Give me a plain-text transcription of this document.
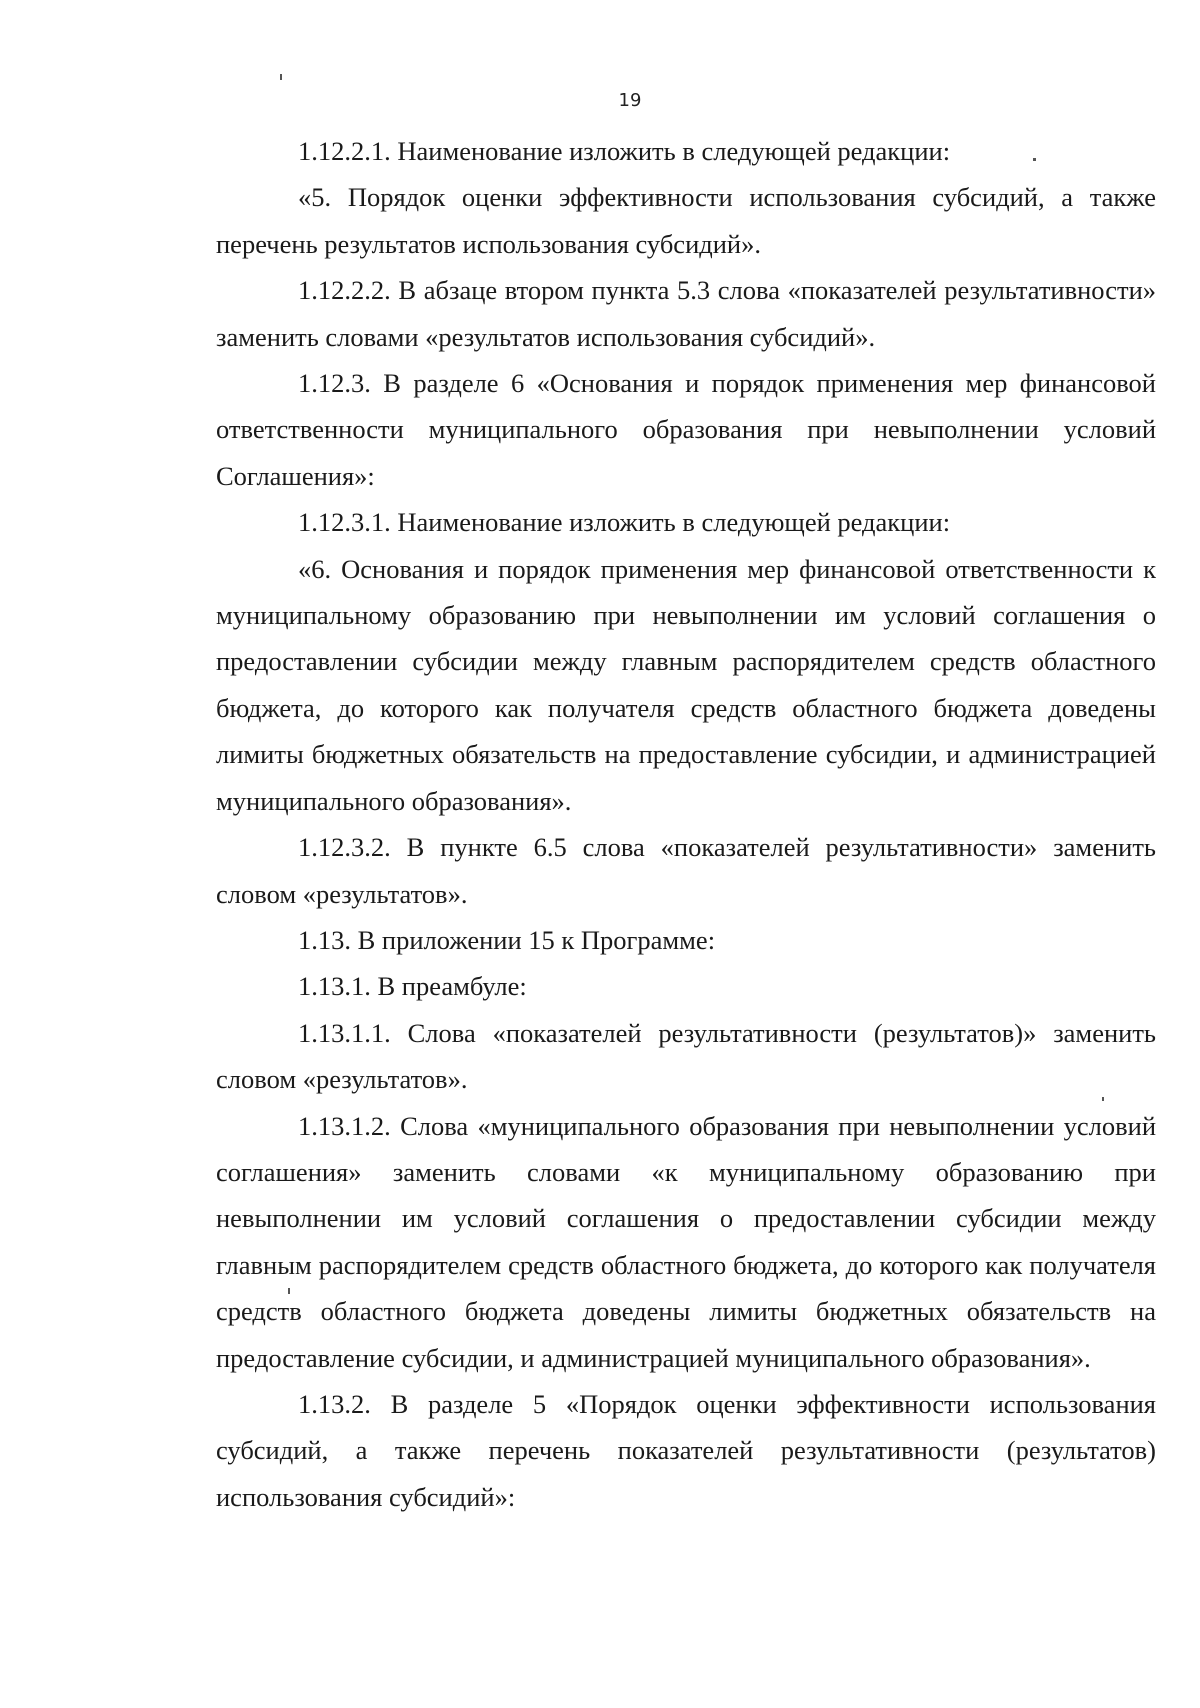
19

1.12.2.1. Наименование изложить в следующей редакции:

«5. Порядок оценки эффективности использования субсидий, а также перечень результатов использования субсидий».

1.12.2.2. В абзаце втором пункта 5.3 слова «показателей результативности» заменить словами «результатов использования субсидий».

1.12.3. В разделе 6 «Основания и порядок применения мер финансовой ответственности муниципального образования при невыполнении условий Соглашения»:

1.12.3.1. Наименование изложить в следующей редакции:

«6. Основания и порядок применения мер финансовой ответственности к муниципальному образованию при невыполнении им условий соглашения о предоставлении субсидии между главным распорядителем средств областного бюджета, до которого как получателя средств областного бюджета доведены лимиты бюджетных обязательств на предоставление субсидии, и администрацией муниципального образования».

1.12.3.2. В пункте 6.5 слова «показателей результативности» заменить словом «результатов».

1.13. В приложении 15 к Программе:

1.13.1. В преамбуле:

1.13.1.1. Слова «показателей результативности (результатов)» заменить словом «результатов».

1.13.1.2. Слова «муниципального образования при невыполнении условий соглашения» заменить словами «к муниципальному образованию при невыполнении им условий соглашения о предоставлении субсидии между главным распорядителем средств областного бюджета, до которого как получателя средств областного бюджета доведены лимиты бюджетных обязательств на предоставление субсидии, и администрацией муниципального образования».

1.13.2. В разделе 5 «Порядок оценки эффективности использования субсидий, а также перечень показателей результативности (результатов) использования субсидий»:
